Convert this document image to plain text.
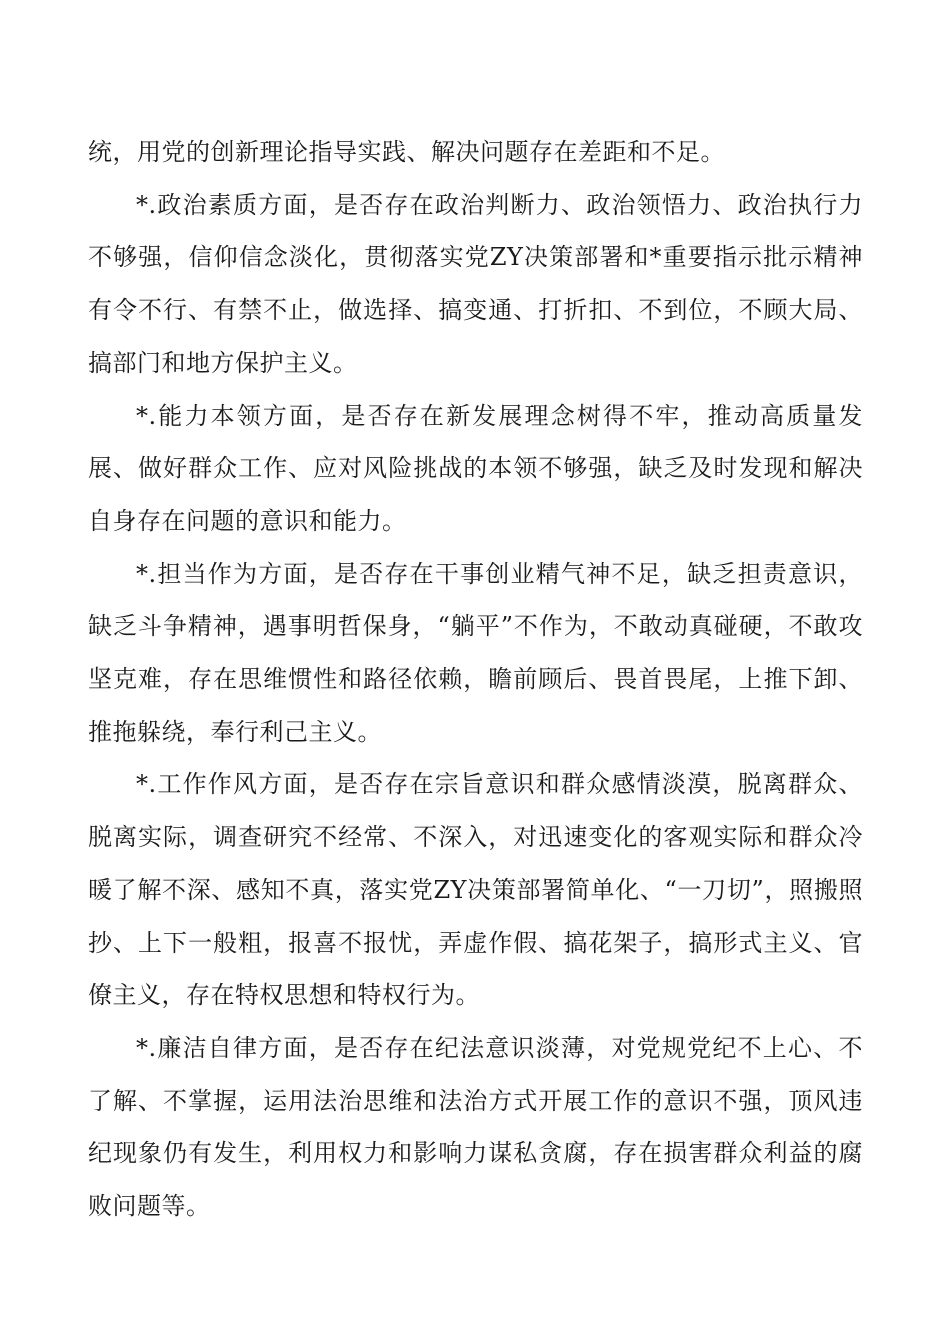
统，用党的创新理论指导实践、解决问题存在差距和不足。

*.政治素质方面，是否存在政治判断力、政治领悟力、政治执行力不够强，信仰信念淡化，贯彻落实党ZY决策部署和*重要指示批示精神有令不行、有禁不止，做选择、搞变通、打折扣、不到位，不顾大局、搞部门和地方保护主义。

*.能力本领方面，是否存在新发展理念树得不牢，推动高质量发展、做好群众工作、应对风险挑战的本领不够强，缺乏及时发现和解决自身存在问题的意识和能力。

*.担当作为方面，是否存在干事创业精气神不足，缺乏担责意识，缺乏斗争精神，遇事明哲保身，“躺平”不作为，不敢动真碰硬，不敢攻坚克难，存在思维惯性和路径依赖，瞻前顾后、畏首畏尾，上推下卸、推拖躲绕，奉行利己主义。

*.工作作风方面，是否存在宗旨意识和群众感情淡漠，脱离群众、脱离实际，调查研究不经常、不深入，对迅速变化的客观实际和群众冷暖了解不深、感知不真，落实党ZY决策部署简单化、“一刀切”，照搬照抄、上下一般粗，报喜不报忧，弄虚作假、搞花架子，搞形式主义、官僚主义，存在特权思想和特权行为。

*.廉洁自律方面，是否存在纪法意识淡薄，对党规党纪不上心、不了解、不掌握，运用法治思维和法治方式开展工作的意识不强，顶风违纪现象仍有发生，利用权力和影响力谋私贪腐，存在损害群众利益的腐败问题等。
